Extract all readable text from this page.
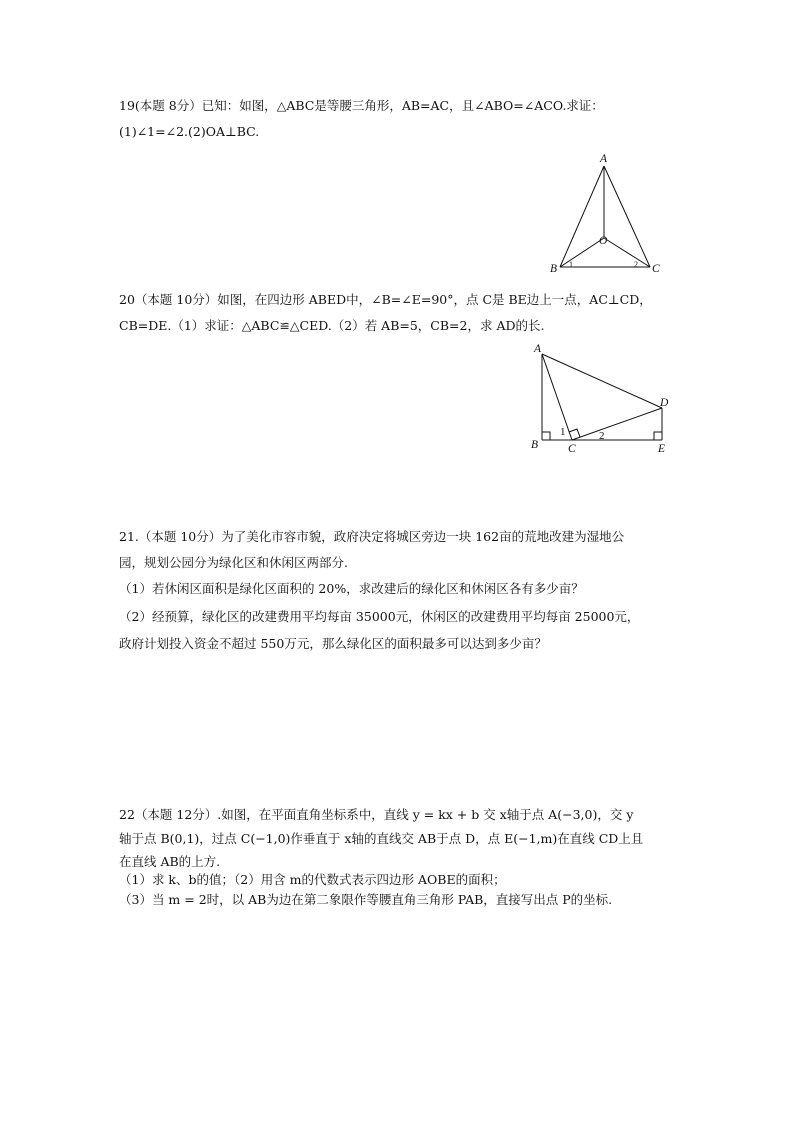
19(本题 8分）已知：如图，△ABC是等腰三角形，AB=AC，且∠ABO=∠ACO.求证：
(1)∠1=∠2.(2)OA⊥BC.
A
B	C
O
1	2
20（本题 10分）如图，在四边形 ABED中，∠B=∠E=90°，点 C是 BE边上一点，AC⊥CD，
CB=DE.（1）求证：△ABC≌△CED.（2）若 AB=5，CB=2，求 AD的长.
A
B	C
D
E
1	2
21.（本题 10分）为了美化市容市貌，政府决定将城区旁边一块 162亩的荒地改建为湿地公
园，规划公园分为绿化区和休闲区两部分.
（1）若休闲区面积是绿化区面积的 20%，求改建后的绿化区和休闲区各有多少亩？
（2）经预算，绿化区的改建费用平均每亩 35000元，休闲区的改建费用平均每亩 25000元，
政府计划投入资金不超过 550万元，那么绿化区的面积最多可以达到多少亩？
22（本题 12分）.如图，在平面直角坐标系中，直线 y = kx + b 交 x轴于点 A(−3,0)，交 y
轴于点 B(0,1)，过点 C(−1,0)作垂直于 x轴的直线交 AB于点 D，点 E(−1,m)在直线 CD上且
在直线 AB的上方.
（1）求 k、b的值；（2）用含 m的代数式表示四边形 AOBE的面积；
（3）当 m = 2时，以 AB为边在第二象限作等腰直角三角形 PAB，直接写出点 P的坐标.
